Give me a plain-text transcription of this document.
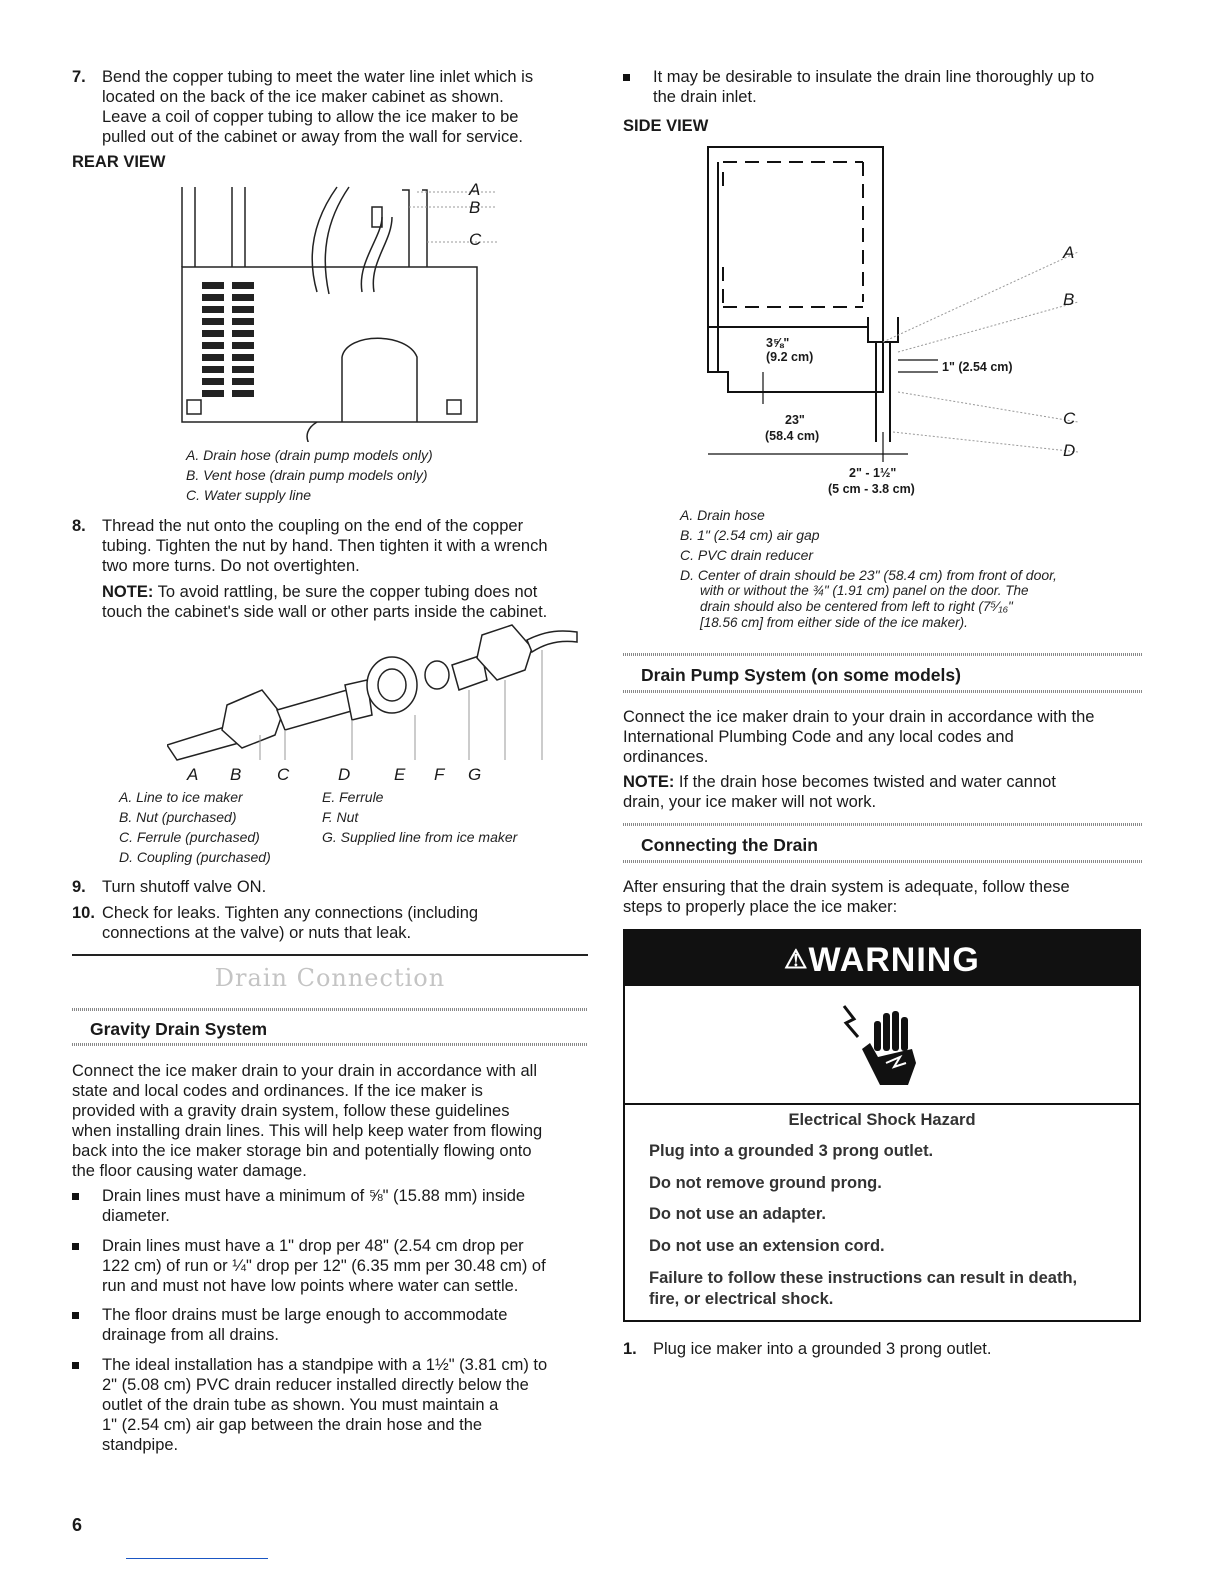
7. Bend the copper tubing to meet the water line inlet which is
located on the back of the ice maker cabinet as shown.
Leave a coil of copper tubing to allow the ice maker to be
pulled out of the cabinet or away from the wall for service.
REAR VIEW
A
B
C
A. Drain hose (drain pump models only)
B. Vent hose (drain pump models only)
C. Water supply line
8. Thread the nut onto the coupling on the end of the copper
tubing. Tighten the nut by hand. Then tighten it with a wrench
two more turns. Do not overtighten.
NOTE: To avoid rattling, be sure the copper tubing does not
touch the cabinet's side wall or other parts inside the cabinet.
A B C	D	E F G
A. Line to ice maker
B. Nut (purchased)
C. Ferrule (purchased)
D. Coupling (purchased)
E. Ferrule
F. Nut
G. Supplied line from ice maker
9. Turn shutoff valve ON.
10. Check for leaks. Tighten any connections (including
connections at the valve) or nuts that leak.
Drain Connection
Gravity Drain System
Connect the ice maker drain to your drain in accordance with all
state and local codes and ordinances. If the ice maker is
provided with a gravity drain system, follow these guidelines
when installing drain lines. This will help keep water from flowing
back into the ice maker storage bin and potentially flowing onto
the floor causing water damage.
Drain lines must have a minimum of ⅝" (15.88 mm) inside
diameter.
Drain lines must have a 1" drop per 48" (2.54 cm drop per
122 cm) of run or ¼" drop per 12" (6.35 mm per 30.48 cm) of
run and must not have low points where water can settle.
The floor drains must be large enough to accommodate
drainage from all drains.
The ideal installation has a standpipe with a 1½" (3.81 cm) to
2" (5.08 cm) PVC drain reducer installed directly below the
outlet of the drain tube as shown. You must maintain a
1" (2.54 cm) air gap between the drain hose and the
standpipe.
6
It may be desirable to insulate the drain line thoroughly up to
the drain inlet.
SIDE VIEW
A
B
C
D
3⅝"
(9.2 cm)
1" (2.54 cm)
23"
(58.4 cm)
2" - 1½"
(5 cm - 3.8 cm)
A. Drain hose
B. 1" (2.54 cm) air gap
C. PVC drain reducer
D. Center of drain should be 23" (58.4 cm) from front of door,
with or without the ¾" (1.91 cm) panel on the door. The
drain should also be centered from left to right (7⁵⁄₁₆"
[18.56 cm] from either side of the ice maker).
Drain Pump System (on some models)
Connect the ice maker drain to your drain in accordance with the
International Plumbing Code and any local codes and
ordinances.
NOTE: If the drain hose becomes twisted and water cannot
drain, your ice maker will not work.
Connecting the Drain
After ensuring that the drain system is adequate, follow these
steps to properly place the ice maker:
⚠WARNING
Electrical Shock Hazard
Plug into a grounded 3 prong outlet.
Do not remove ground prong.
Do not use an adapter.
Do not use an extension cord.
Failure to follow these instructions can result in death,
fire, or electrical shock.
1. Plug ice maker into a grounded 3 prong outlet.
